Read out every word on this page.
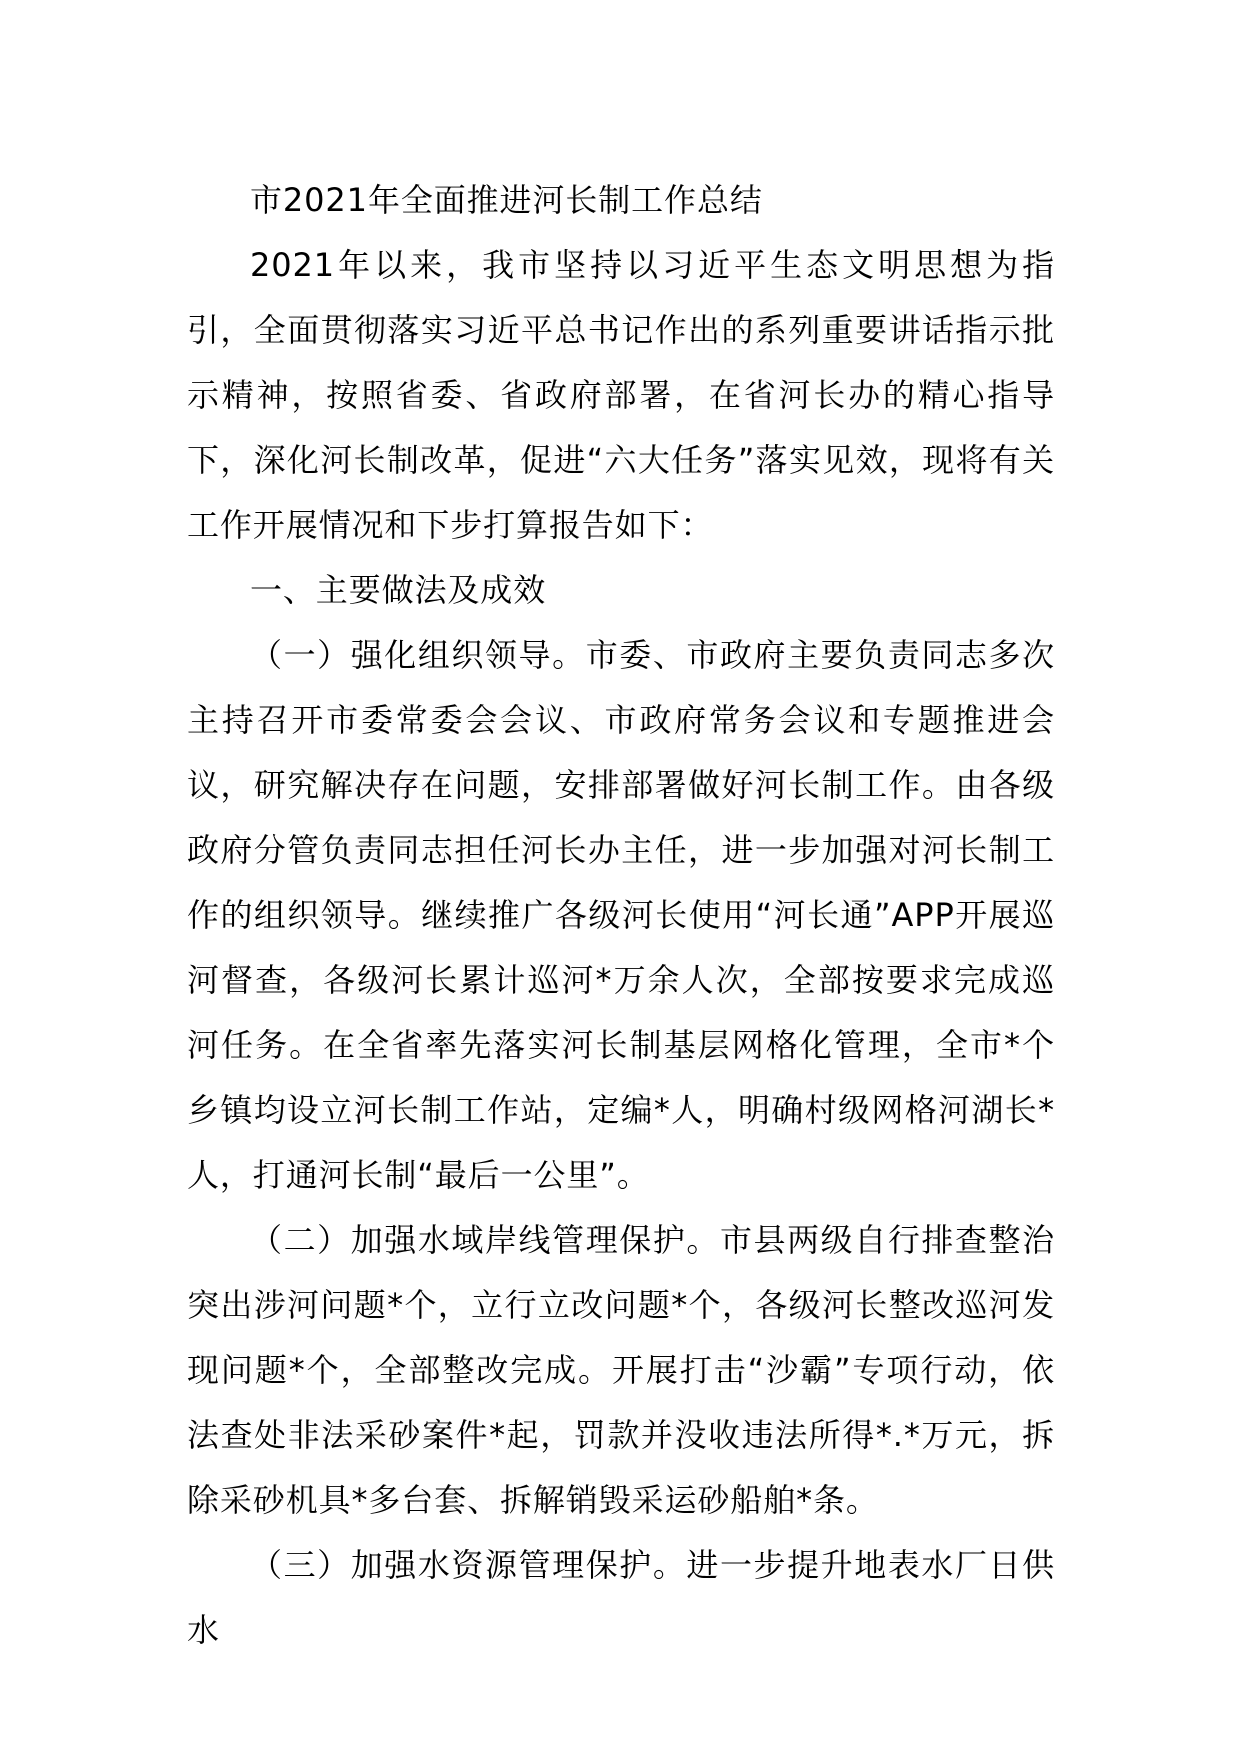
市2021年全面推进河长制工作总结

2021年以来，我市坚持以习近平生态文明思想为指引，全面贯彻落实习近平总书记作出的系列重要讲话指示批示精神，按照省委、省政府部署，在省河长办的精心指导下，深化河长制改革，促进“六大任务”落实见效，现将有关工作开展情况和下步打算报告如下：

一、主要做法及成效

（一）强化组织领导。市委、市政府主要负责同志多次主持召开市委常委会会议、市政府常务会议和专题推进会议，研究解决存在问题，安排部署做好河长制工作。由各级政府分管负责同志担任河长办主任，进一步加强对河长制工作的组织领导。继续推广各级河长使用“河长通”APP开展巡河督查，各级河长累计巡河*万余人次，全部按要求完成巡河任务。在全省率先落实河长制基层网格化管理，全市*个乡镇均设立河长制工作站，定编*人，明确村级网格河湖长*人，打通河长制“最后一公里”。

（二）加强水域岸线管理保护。市县两级自行排查整治突出涉河问题*个，立行立改问题*个，各级河长整改巡河发现问题*个，全部整改完成。开展打击“沙霸”专项行动，依法查处非法采砂案件*起，罚款并没收违法所得*.*万元，拆除采砂机具*多台套、拆解销毁采运砂船舶*条。

（三）加强水资源管理保护。进一步提升地表水厂日供水
